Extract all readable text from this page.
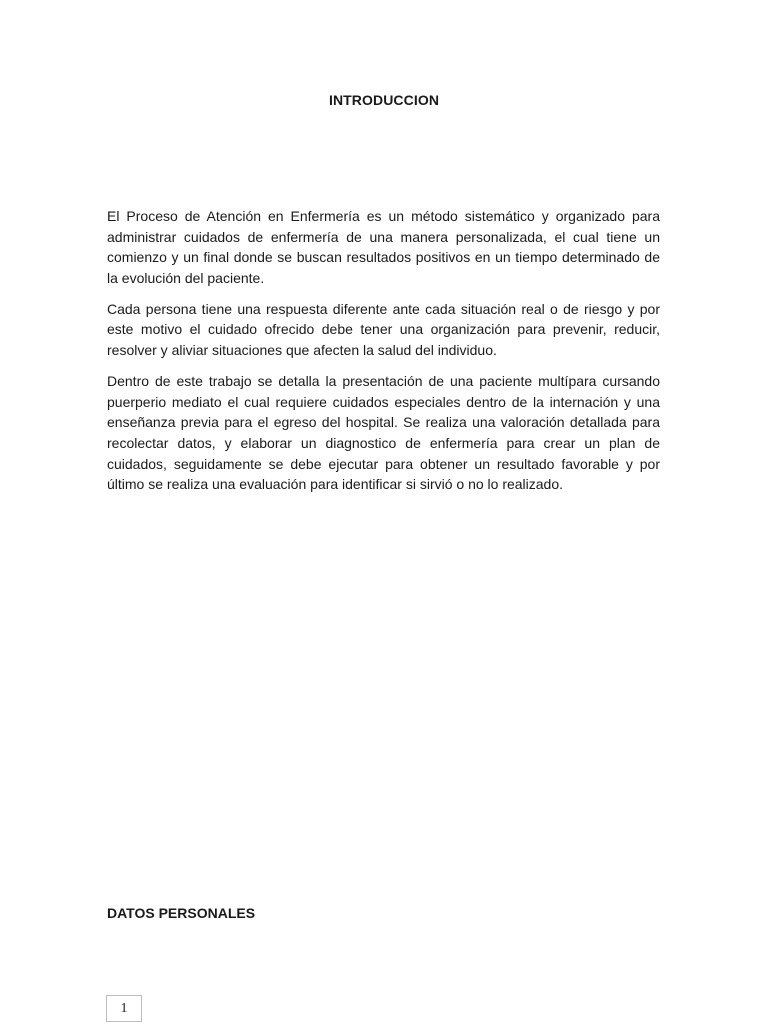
INTRODUCCION

El Proceso de Atención en Enfermería es un método sistemático y organizado para administrar cuidados de enfermería de una manera personalizada, el cual tiene un comienzo y un final donde se buscan resultados positivos en un tiempo determinado de la evolución del paciente.

Cada persona tiene una respuesta diferente ante cada situación real o de riesgo y por este motivo el cuidado ofrecido debe tener una organización para prevenir, reducir, resolver y aliviar situaciones que afecten la salud del individuo.

Dentro de este trabajo se detalla la presentación de una paciente multípara cursando puerperio mediato el cual requiere cuidados especiales dentro de la internación y una enseñanza previa para el egreso del hospital. Se realiza una valoración detallada para recolectar datos, y elaborar un diagnostico de enfermería para crear un plan de cuidados, seguidamente se debe ejecutar para obtener un resultado favorable y por último se realiza una evaluación para identificar si sirvió o no lo realizado.

DATOS PERSONALES
1
